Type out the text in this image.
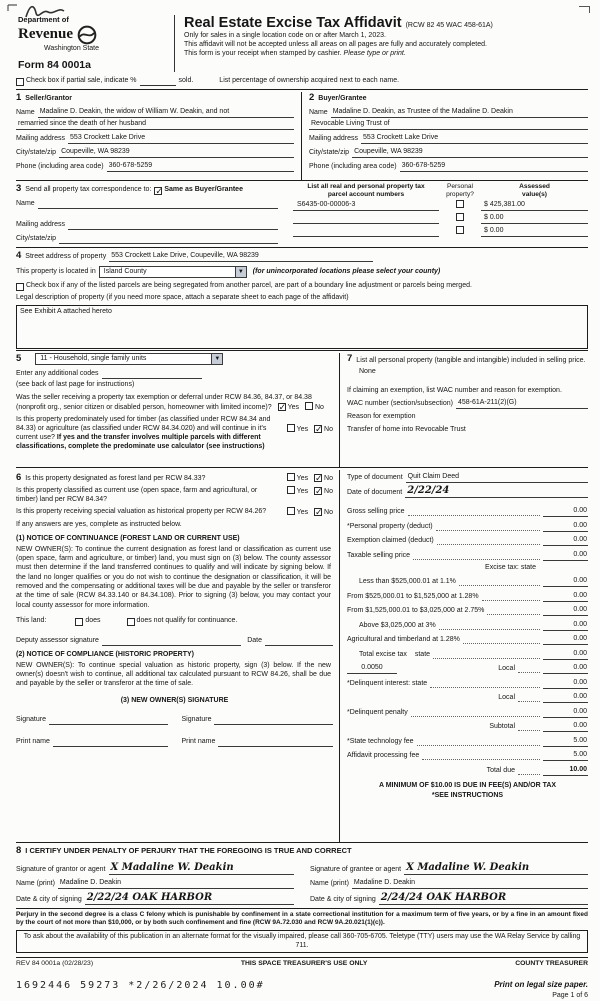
Department of
Revenue
Washington State
Form 84 0001a
Real Estate Excise Tax Affidavit (RCW 82 45 WAC 458-61A)
Only for sales in a single location code on or after March 1, 2023.
This affidavit will not be accepted unless all areas on all pages are fully and accurately completed.
This form is your receipt when stamped by cashier. Please type or print.
Check box if partial sale, indicate %	sold.	List percentage of ownership acquired next to each name.
1 Seller/Grantor
Name Madaline D. Deakin, the widow of William W. Deakin, and not
remarried since the death of her husband
Mailing address 553 Crockett Lake Drive
City/state/zip Coupeville, WA 98239
Phone (including area code) 360-678-5259
2 Buyer/Grantee
Name Madaline D. Deakin, as Trustee of the Madaline D. Deakin
Revocable Living Trust of
Mailing address 553 Crockett Lake Drive
City/state/zip Coupeville, WA 98239
Phone (including area code) 360-678-5259
3 Send all property tax correspondence to: ✓ Same as Buyer/Grantee
Name
Mailing address
City/state/zip
List all real and personal property tax
parcel account numbers
Personal
property?
Assessed
value(s)
S6435-00-00006-3	$ 425,381.00
$ 0.00
$ 0.00
4 Street address of property 553 Crockett Lake Drive, Coupeville, WA 98239
This property is located in	Island County	▼ (for unincorporated locations please select your county)
Check box if any of the listed parcels are being segregated from another parcel, are part of a boundary line adjustment or parcels being merged.
Legal description of property (if you need more space, attach a separate sheet to each page of the affidavit)
See Exhibit A attached hereto
5	11 - Household, single family units	▼
Enter any additional codes
(see back of last page for instructions)
Was the seller receiving a property tax exemption or deferral under RCW 84.36, 84.37, or 84.38 (nonprofit org., senior citizen or disabled person, homeowner with limited income)? ✓Yes No
Yes ✓No
Is this property predominately used for timber (as classified under RCW 84.34 and 84.33) or agriculture (as classified under RCW 84.34.020) and will continue in it's current use? If yes and the transfer involves multiple parcels with different classifications, complete the predominate use calculator (see instructions)
7 List all personal property (tangible and intangible) included in selling price.
None
If claiming an exemption, list WAC number and reason for exemption.
WAC number (section/subsection) 458-61A-211(2)(G)
Reason for exemption
Transfer of home into Revocable Trust
6 Is this property designated as forest land per RCW 84.33?	Yes ✓No
Is this property classified as current use (open space, farm and agricultural, or timber) land per RCW 84.34?
Yes ✓No
Is this property receiving special valuation as historical property per RCW 84.26?	Yes ✓No
If any answers are yes, complete as instructed below.
(1) NOTICE OF CONTINUANCE (FOREST LAND OR CURRENT USE)
NEW OWNER(S): To continue the current designation as forest land or classification as current use (open space, farm and agriculture, or timber) land, you must sign on (3) below. The county assessor must then determine if the land transferred continues to qualify and will indicate by signing below. If the land no longer qualifies or you do not wish to continue the designation or classification, it will be removed and the compensating or additional taxes will be due and payable by the seller or transferor at the time of sale (RCW 84.33.140 or 84.34.108). Prior to signing (3) below, you may contact your local county assessor for more information.
This land:	does	does not qualify for continuance.
Deputy assessor signature	Date
(2) NOTICE OF COMPLIANCE (HISTORIC PROPERTY)
NEW OWNER(S): To continue special valuation as historic property, sign (3) below. If the new owner(s) doesn't wish to continue, all additional tax calculated pursuant to RCW 84.26, shall be due and payable by the seller or transferor at the time of sale.
(3) NEW OWNER(S) SIGNATURE
Signature	Signature
Print name	Print name
Type of document Quit Claim Deed
Date of document 2/22/24
Gross selling price	0.00
*Personal property (deduct)	0.00
Exemption claimed (deduct)	0.00
Taxable selling price	0.00
Excise tax: state
Less than $525,000.01 at 1.1%	0.00
From $525,000.01 to $1,525,000 at 1.28%	0.00
From $1,525,000.01 to $3,025,000 at 2.75%	0.00
Above $3,025,000 at 3%	0.00
Agricultural and timberland at 1.28%	0.00
Total excise tax state	0.00
0.0050	Local	0.00
*Delinquent interest: state	0.00
Local	0.00
*Delinquent penalty	0.00
Subtotal	0.00
*State technology fee	5.00
Affidavit processing fee	5.00
Total due	10.00
A MINIMUM OF $10.00 IS DUE IN FEE(S) AND/OR TAX
*SEE INSTRUCTIONS
8 I CERTIFY UNDER PENALTY OF PERJURY THAT THE FOREGOING IS TRUE AND CORRECT
Signature of grantor or agent X Madaline W. Deakin
Name (print) Madaline D. Deakin
Date & city of signing 2/22/24 OAK HARBOR
Signature of grantee or agent X Madaline W. Deakin
Name (print) Madaline D. Deakin
Date & city of signing 2/24/24 OAK HARBOR
Perjury in the second degree is a class C felony which is punishable by confinement in a state correctional institution for a maximum term of five years, or by a fine in an amount fixed by the court of not more than $10,000, or by both such confinement and fine (RCW 9A.72.030 and RCW 9A.20.021(1)(c)).
To ask about the availability of this publication in an alternate format for the visually impaired, please call 360-705-6705. Teletype (TTY) users may use the WA Relay Service by calling 711.
REV 84 0001a (02/28/23)	THIS SPACE TREASURER'S USE ONLY	COUNTY TREASURER
1692446 59273 *2/26/2024 10.00#	Print on legal size paper.
Page 1 of 6
